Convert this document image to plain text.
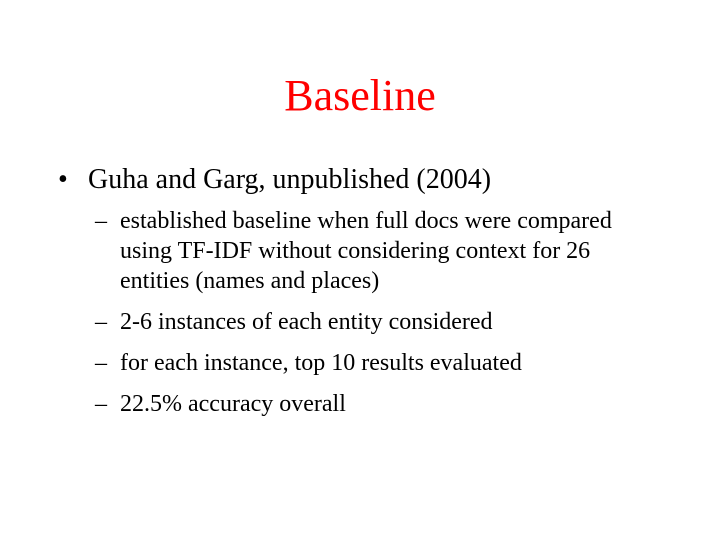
Baseline
• Guha and Garg, unpublished (2004)
– established baseline when full docs were compared using TF-IDF without considering context for 26 entities (names and places)
– 2-6 instances of each entity considered
– for each instance, top 10 results evaluated
– 22.5% accuracy overall
